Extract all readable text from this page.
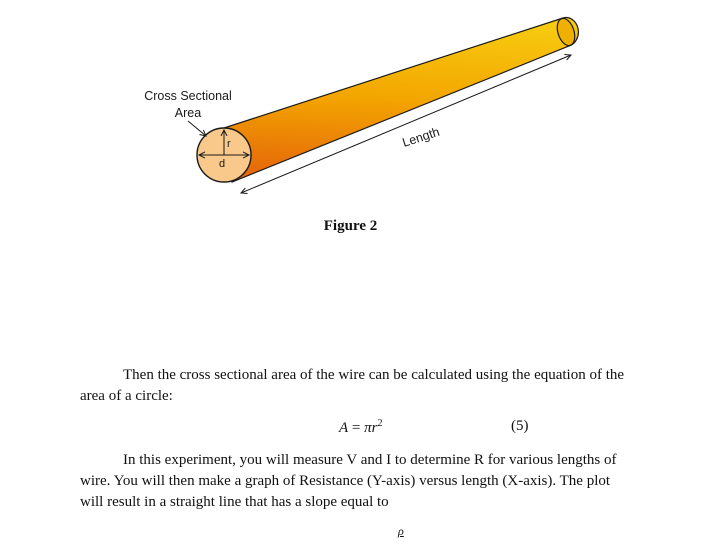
r
d
Cross Sectional
Area
Length
Figure 2

Then the cross sectional area of the wire can be calculated using the equation of the area of a circle:

$A = \pi r^2$	(5)

In this experiment, you will measure V and I to determine R for various lengths of wire. You will then make a graph of Resistance (Y-axis) versus length (X-axis). The plot will result in a straight line that has a slope equal to

ρ
